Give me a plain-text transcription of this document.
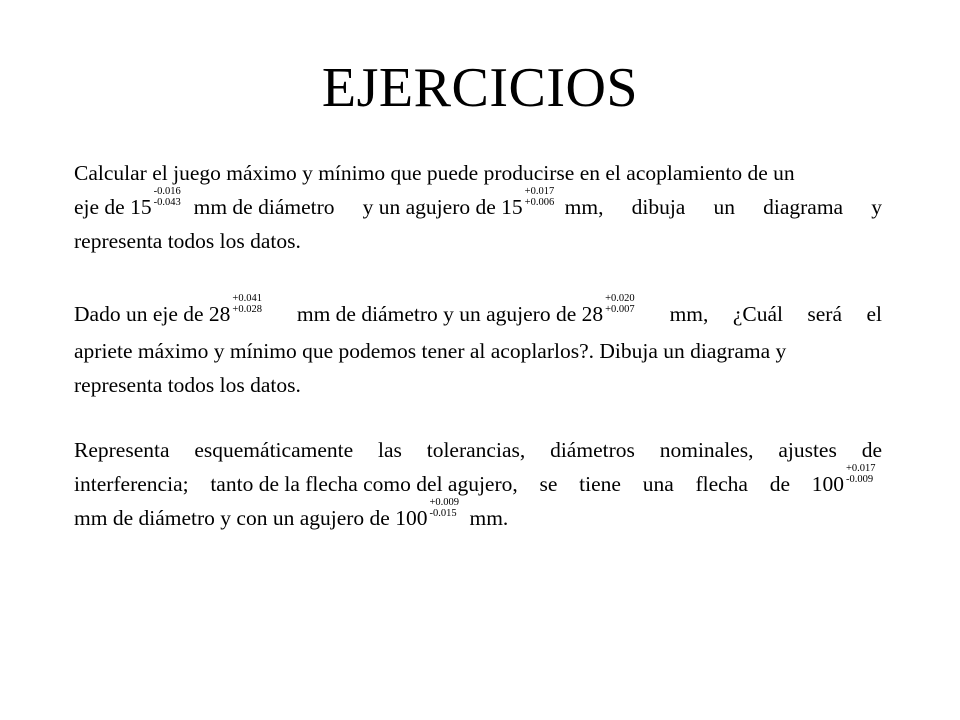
EJERCICIOS
Calcular el juego máximo y mínimo que puede producirse en el acoplamiento de un
eje de 15
-0.016
-0.043 mm de diámetro y un agujero de 15
+0.017
+0.006 mm, dibuja un diagrama y
representa todos los datos.
Dado un eje de 28
+0.041
+0.028 mm de diámetro y un agujero de 28
+0.020
+0.007 mm, ¿Cuál será el
apriete máximo y mínimo que podemos tener al acoplarlos?. Dibuja un diagrama y
representa todos los datos.
Representa esquemáticamente las tolerancias, diámetros nominales, ajustes de
interferencia; tanto de la flecha como del agujero, se tiene una flecha de 100
+0.017
-0.009
mm de diámetro y con un agujero de 100
+0.009
-0.015 mm.
